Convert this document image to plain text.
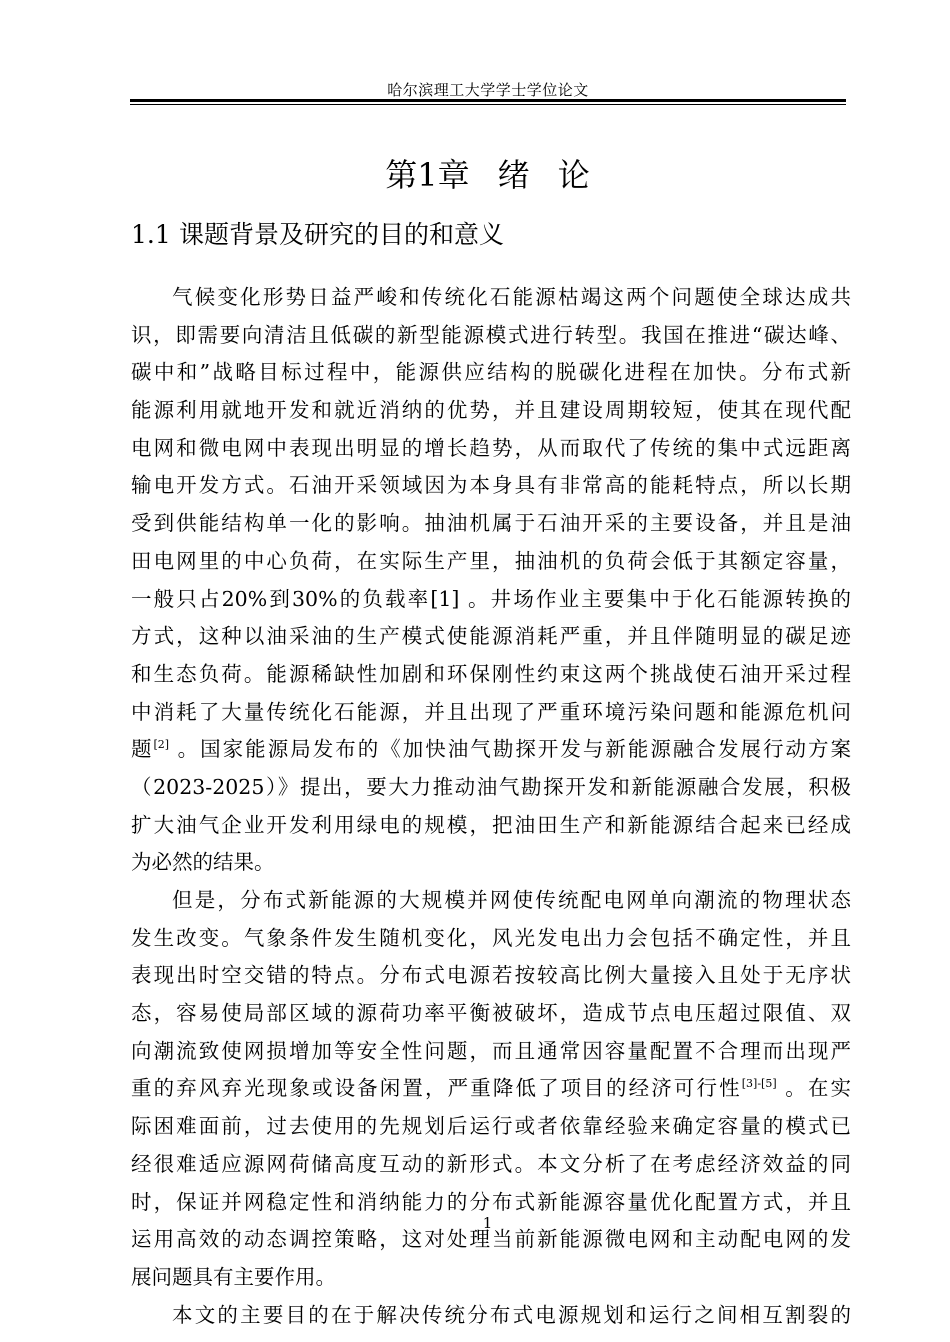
哈尔滨理工大学学士学位论文
第1章 绪 论
1.1 课题背景及研究的目的和意义
气候变化形势日益严峻和传统化石能源枯竭这两个问题使全球达成共
识，即需要向清洁且低碳的新型能源模式进行转型。我国在推进“碳达峰、
碳中和”战略目标过程中，能源供应结构的脱碳化进程在加快。分布式新
能源利用就地开发和就近消纳的优势，并且建设周期较短，使其在现代配
电网和微电网中表现出明显的增长趋势，从而取代了传统的集中式远距离
输电开发方式。石油开采领域因为本身具有非常高的能耗特点，所以长期
受到供能结构单一化的影响。抽油机属于石油开采的主要设备，并且是油
田电网里的中心负荷，在实际生产里，抽油机的负荷会低于其额定容量，
一般只占20%到30%的负载率[1] 。井场作业主要集中于化石能源转换的
方式，这种以油采油的生产模式使能源消耗严重，并且伴随明显的碳足迹
和生态负荷。能源稀缺性加剧和环保刚性约束这两个挑战使石油开采过程
中消耗了大量传统化石能源，并且出现了严重环境污染问题和能源危机问
题[2] 。国家能源局发布的《加快油气勘探开发与新能源融合发展行动方案
（2023-2025）》提出，要大力推动油气勘探开发和新能源融合发展，积极
扩大油气企业开发利用绿电的规模，把油田生产和新能源结合起来已经成
为必然的结果。
但是，分布式新能源的大规模并网使传统配电网单向潮流的物理状态
发生改变。气象条件发生随机变化，风光发电出力会包括不确定性，并且
表现出时空交错的特点。分布式电源若按较高比例大量接入且处于无序状
态，容易使局部区域的源荷功率平衡被破坏，造成节点电压超过限值、双
向潮流致使网损增加等安全性问题，而且通常因容量配置不合理而出现严
重的弃风弃光现象或设备闲置，严重降低了项目的经济可行性[3]-[5] 。在实
际困难面前，过去使用的先规划后运行或者依靠经验来确定容量的模式已
经很难适应源网荷储高度互动的新形式。本文分析了在考虑经济效益的同
时，保证并网稳定性和消纳能力的分布式新能源容量优化配置方式，并且
运用高效的动态调控策略，这对处理当前新能源微电网和主动配电网的发
展问题具有主要作用。
本文的主要目的在于解决传统分布式电源规划和运行之间相互割裂的
1
